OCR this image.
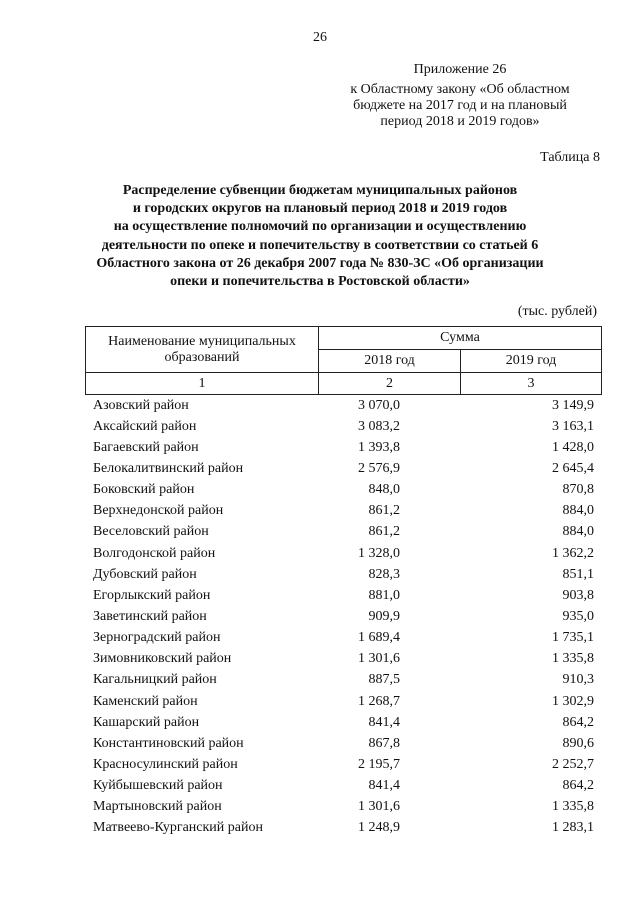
26
Приложение 26
к Областному закону «Об областном
бюджете на 2017 год и на плановый
период 2018 и 2019 годов»
Таблица 8
Распределение субвенции бюджетам муниципальных районов
и городских округов на плановый период 2018 и 2019 годов
на осуществление полномочий по организации и осуществлению
деятельности по опеке и попечительству в соответствии со статьей 6
Областного закона от 26 декабря 2007 года № 830-ЗС «Об организации
опеки и попечительства в Ростовской области»
(тыс. рублей)
Наименование муниципальных образований	Сумма	
	2018 год	2019 год
1	2	3
Азовский район	3 070,0	3 149,9
Аксайский район	3 083,2	3 163,1
Багаевский район	1 393,8	1 428,0
Белокалитвинский район	2 576,9	2 645,4
Боковский район	848,0	870,8
Верхнедонской район	861,2	884,0
Веселовский район	861,2	884,0
Волгодонской район	1 328,0	1 362,2
Дубовский район	828,3	851,1
Егорлыкский район	881,0	903,8
Заветинский район	909,9	935,0
Зерноградский район	1 689,4	1 735,1
Зимовниковский район	1 301,6	1 335,8
Кагальницкий район	887,5	910,3
Каменский район	1 268,7	1 302,9
Кашарский район	841,4	864,2
Константиновский район	867,8	890,6
Красносулинский район	2 195,7	2 252,7
Куйбышевский район	841,4	864,2
Мартыновский район	1 301,6	1 335,8
Матвеево-Курганский район	1 248,9	1 283,1
